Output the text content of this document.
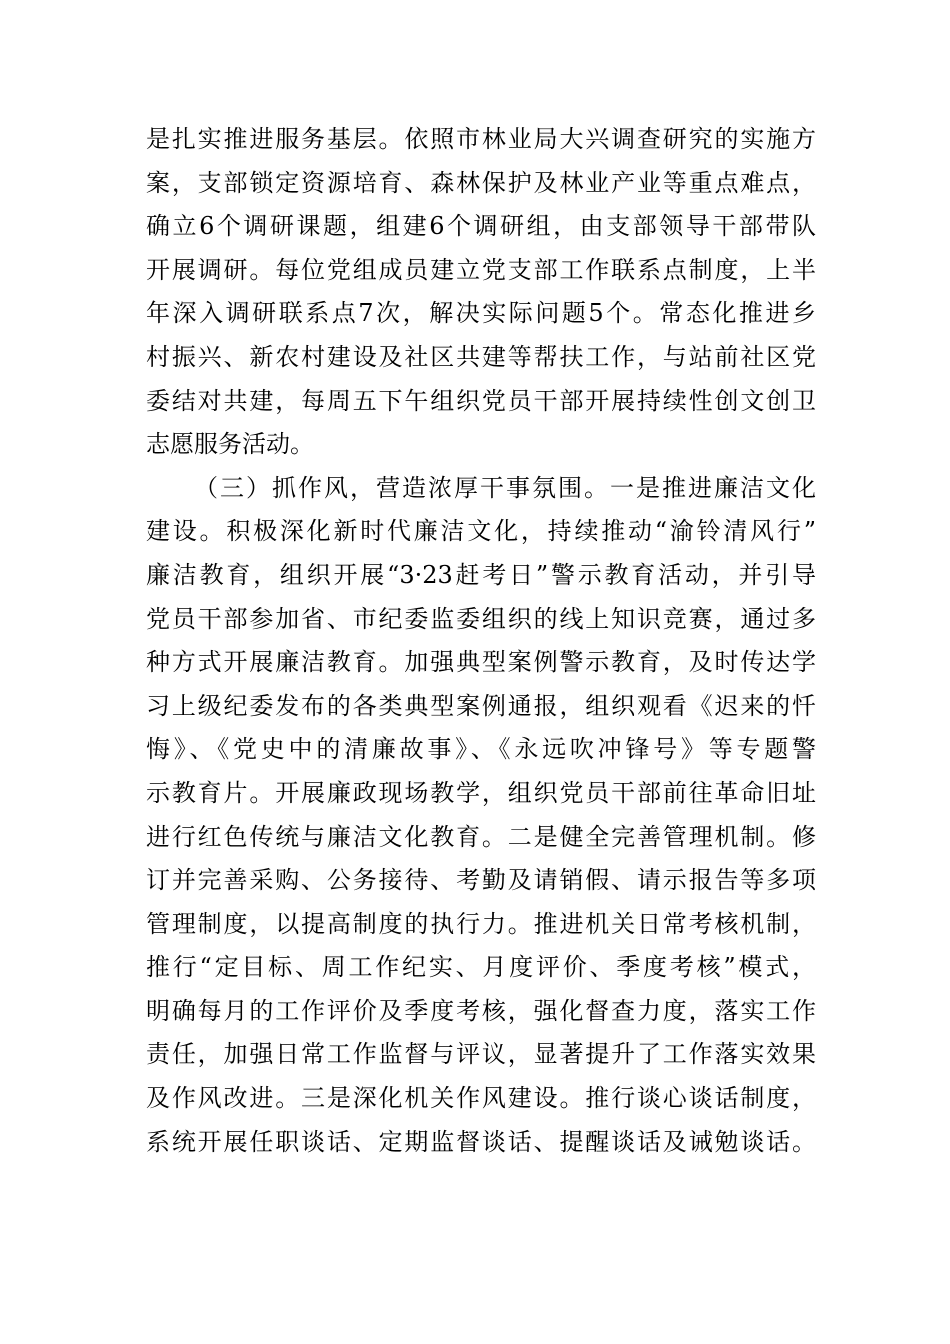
是扎实推进服务基层。依照市林业局大兴调查研究的实施方
案，支部锁定资源培育、森林保护及林业产业等重点难点，
确立6个调研课题，组建6个调研组，由支部领导干部带队
开展调研。每位党组成员建立党支部工作联系点制度，上半
年深入调研联系点7次，解决实际问题5个。常态化推进乡
村振兴、新农村建设及社区共建等帮扶工作，与站前社区党
委结对共建，每周五下午组织党员干部开展持续性创文创卫
志愿服务活动。
（三）抓作风，营造浓厚干事氛围。一是推进廉洁文化
建设。积极深化新时代廉洁文化，持续推动“渝铃清风行”
廉洁教育，组织开展“3·23赶考日”警示教育活动，并引导
党员干部参加省、市纪委监委组织的线上知识竞赛，通过多
种方式开展廉洁教育。加强典型案例警示教育，及时传达学
习上级纪委发布的各类典型案例通报，组织观看《迟来的忏
悔》、《党史中的清廉故事》、《永远吹冲锋号》等专题警
示教育片。开展廉政现场教学，组织党员干部前往革命旧址
进行红色传统与廉洁文化教育。二是健全完善管理机制。修
订并完善采购、公务接待、考勤及请销假、请示报告等多项
管理制度，以提高制度的执行力。推进机关日常考核机制，
推行“定目标、周工作纪实、月度评价、季度考核”模式，
明确每月的工作评价及季度考核，强化督查力度，落实工作
责任，加强日常工作监督与评议，显著提升了工作落实效果
及作风改进。三是深化机关作风建设。推行谈心谈话制度，
系统开展任职谈话、定期监督谈话、提醒谈话及诫勉谈话。
